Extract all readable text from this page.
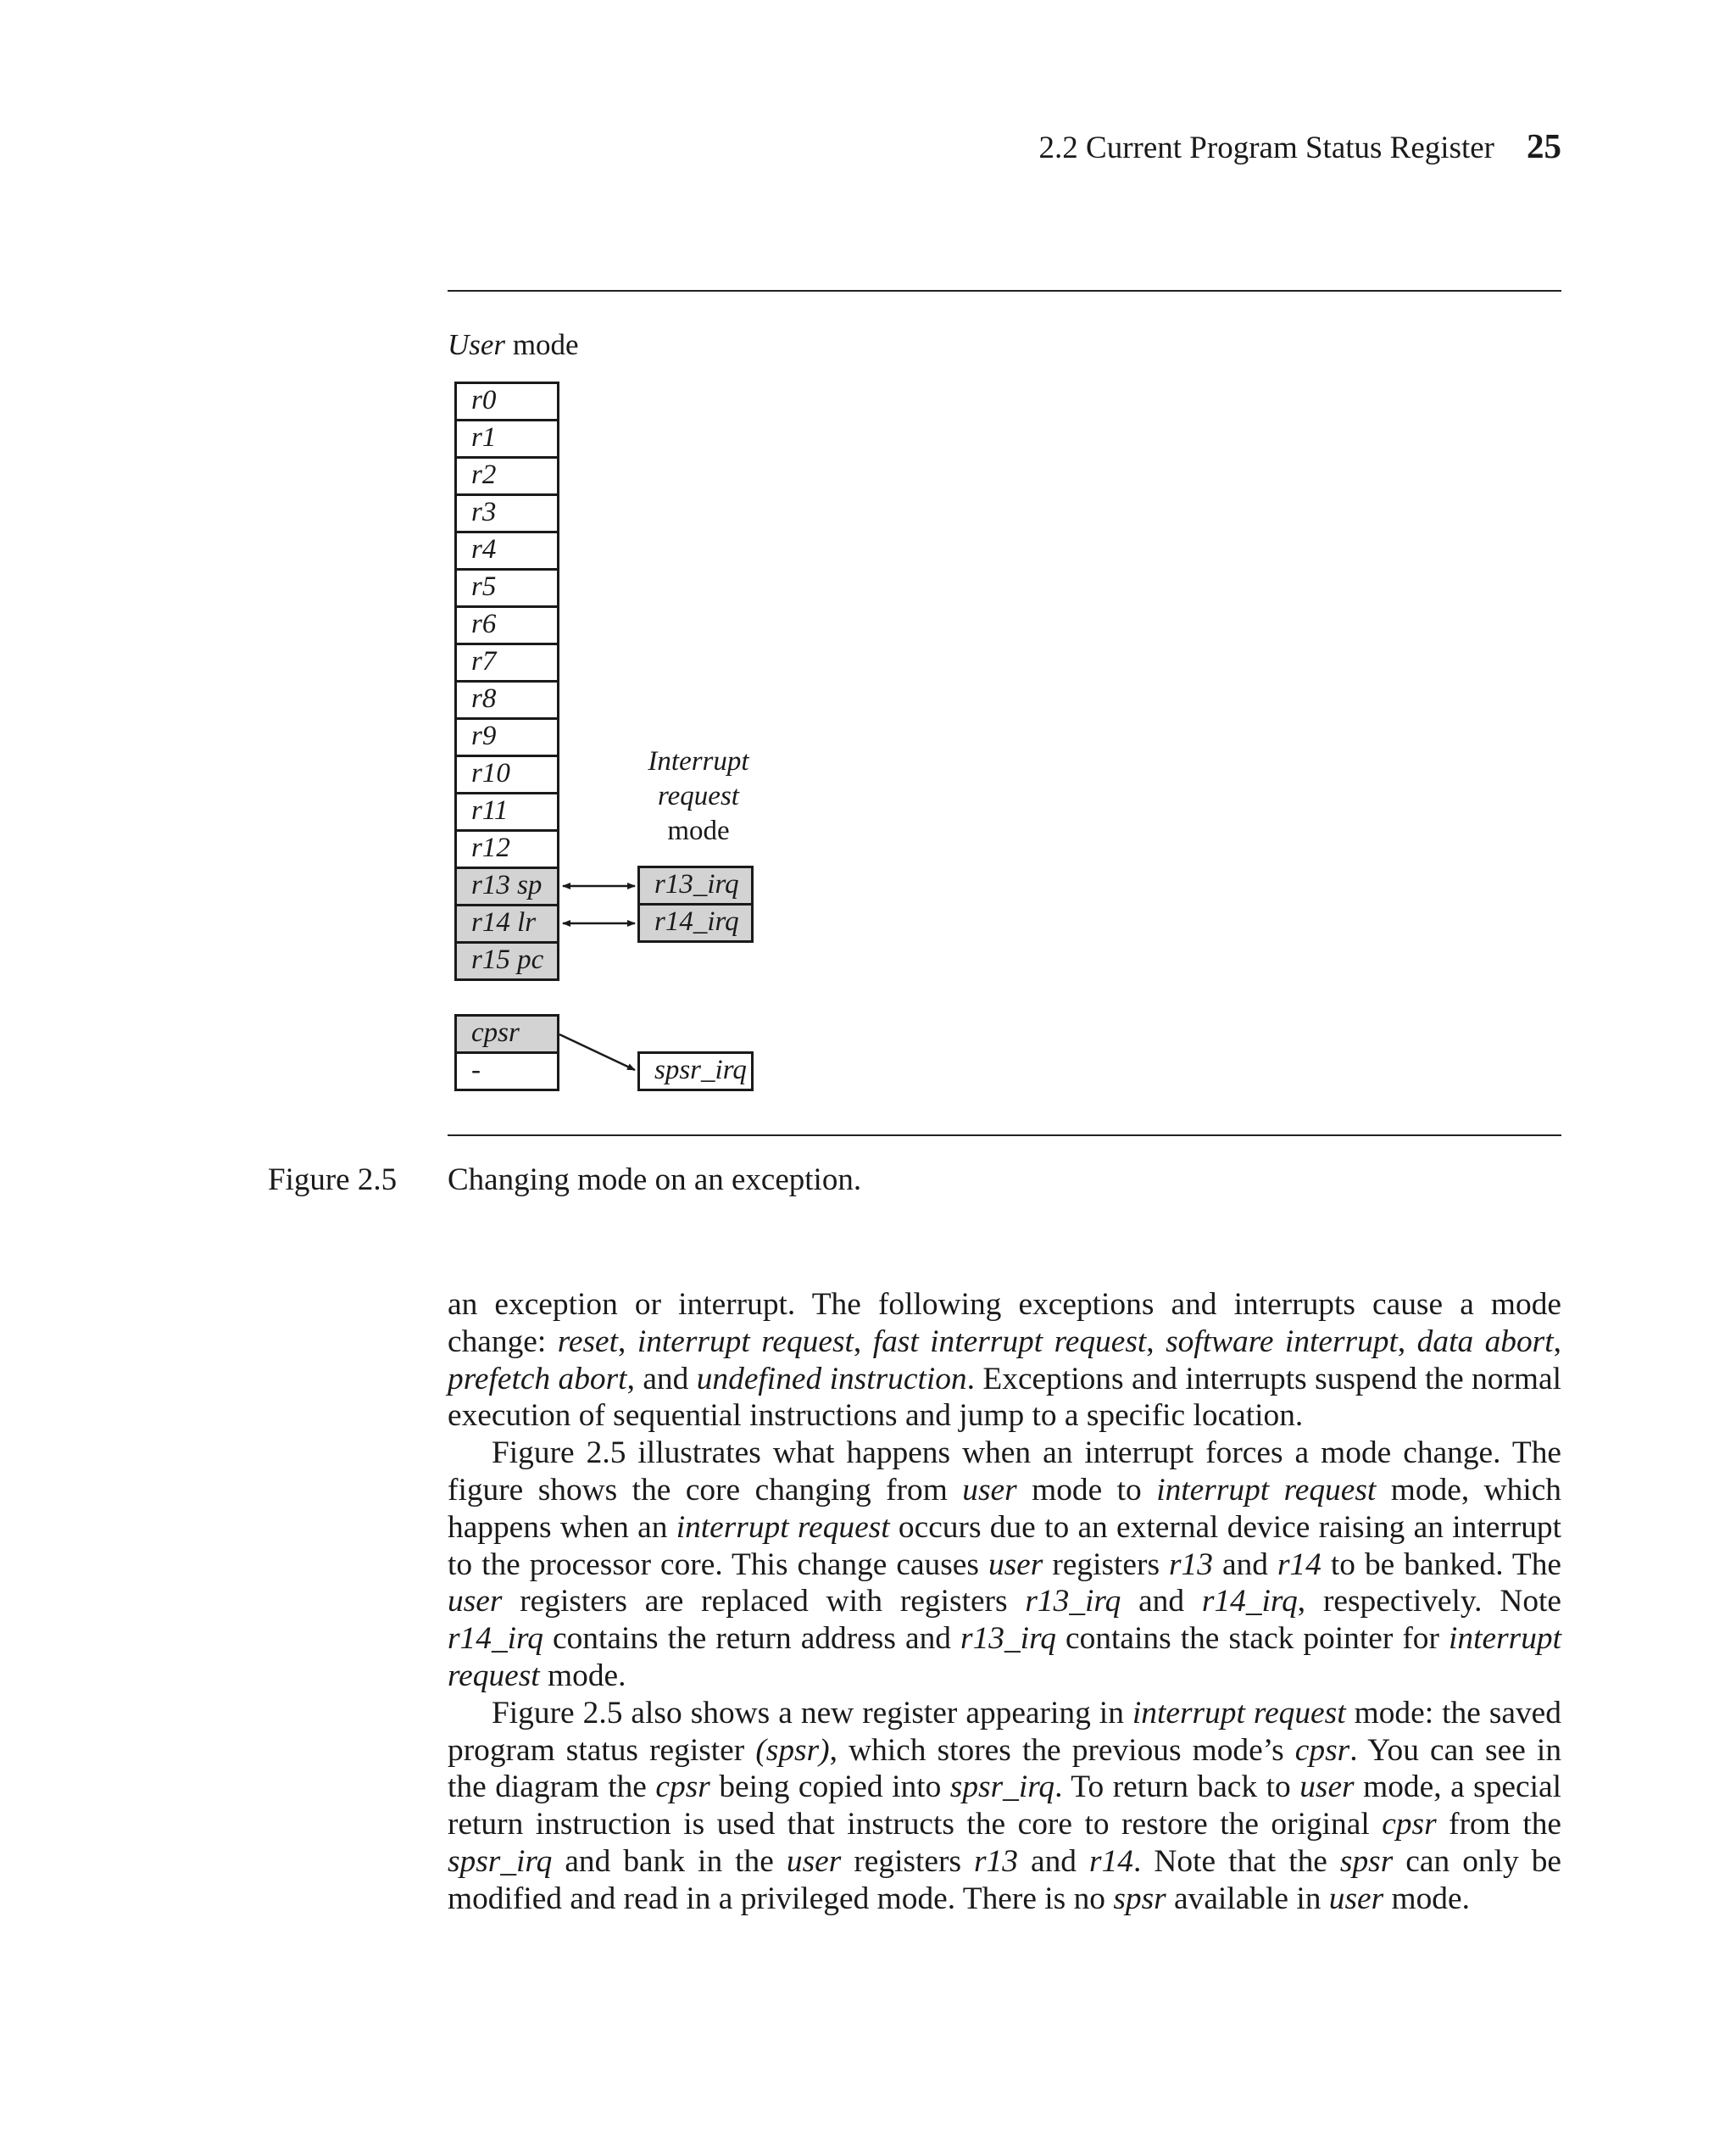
2.2 Current Program Status Register 25
User mode
r0
r1
r2
r3
r4
r5
r6
r7
r8
r9
r10
r11
r12
r13 sp
r14 lr
r15 pc
cpsr
-
Interrupt
request
mode
r13_irq
r14_irq
spsr_irq
Figure 2.5 Changing mode on an exception.

an exception or interrupt. The following exceptions and interrupts cause a mode change: reset, interrupt request, fast interrupt request, software interrupt, data abort, prefetch abort, and undefined instruction. Exceptions and interrupts suspend the normal execution of sequential instructions and jump to a specific location.

Figure 2.5 illustrates what happens when an interrupt forces a mode change. The figure shows the core changing from user mode to interrupt request mode, which happens when an interrupt request occurs due to an external device raising an interrupt to the processor core. This change causes user registers r13 and r14 to be banked. The user registers are replaced with registers r13_irq and r14_irq, respectively. Note r14_irq contains the return address and r13_irq contains the stack pointer for interrupt request mode.

Figure 2.5 also shows a new register appearing in interrupt request mode: the saved program status register (spsr), which stores the previous mode’s cpsr. You can see in the diagram the cpsr being copied into spsr_irq. To return back to user mode, a special return instruction is used that instructs the core to restore the original cpsr from the spsr_irq and bank in the user registers r13 and r14. Note that the spsr can only be modified and read in a privileged mode. There is no spsr available in user mode.
